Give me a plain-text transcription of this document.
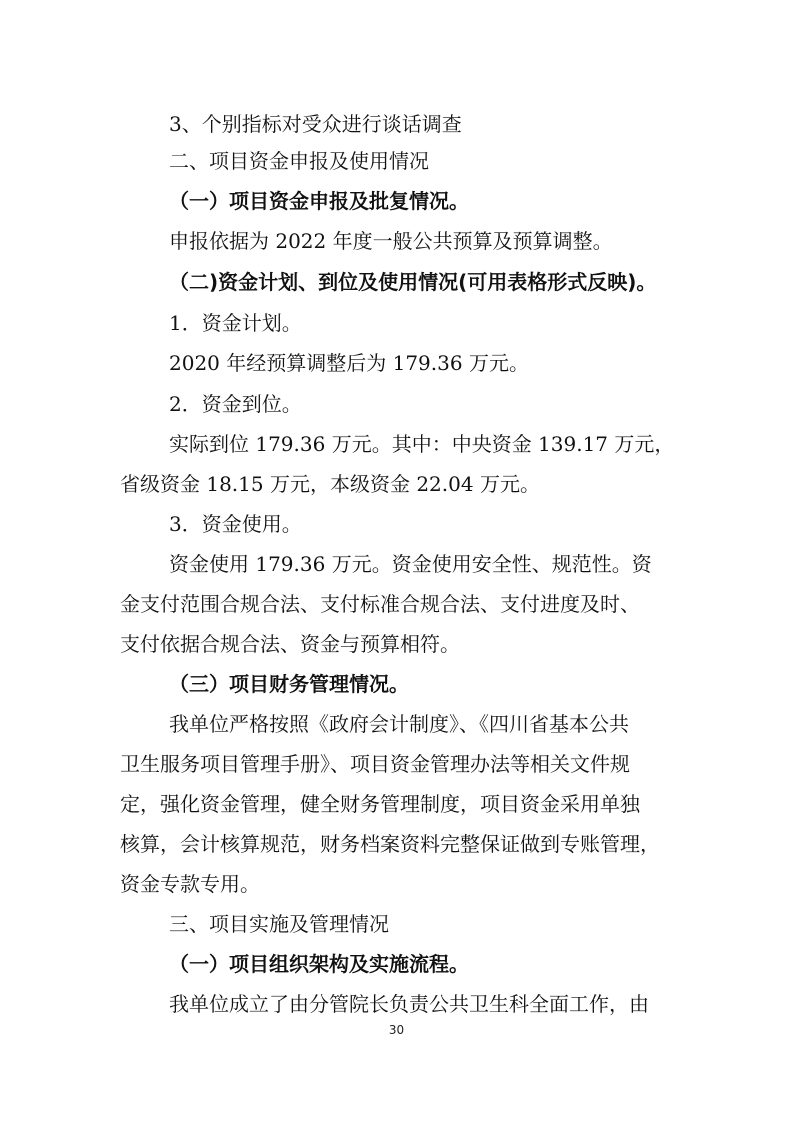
3、个别指标对受众进行谈话调查
二、项目资金申报及使用情况
（一）项目资金申报及批复情况。
申报依据为 2022 年度一般公共预算及预算调整。
（二)资金计划、到位及使用情况(可用表格形式反映)。
1．资金计划。
2020 年经预算调整后为 179.36 万元。
2．资金到位。
实际到位 179.36 万元。其中：中央资金 139.17 万元，
省级资金 18.15 万元，本级资金 22.04 万元。
3．资金使用。
资金使用 179.36 万元。资金使用安全性、规范性。资
金支付范围合规合法、支付标准合规合法、支付进度及时、
支付依据合规合法、资金与预算相符。
（三）项目财务管理情况。
我单位严格按照《政府会计制度》、《四川省基本公共
卫生服务项目管理手册》、项目资金管理办法等相关文件规
定，强化资金管理，健全财务管理制度，项目资金采用单独
核算，会计核算规范，财务档案资料完整保证做到专账管理，
资金专款专用。
三、项目实施及管理情况
（一）项目组织架构及实施流程。
我单位成立了由分管院长负责公共卫生科全面工作，由
30
